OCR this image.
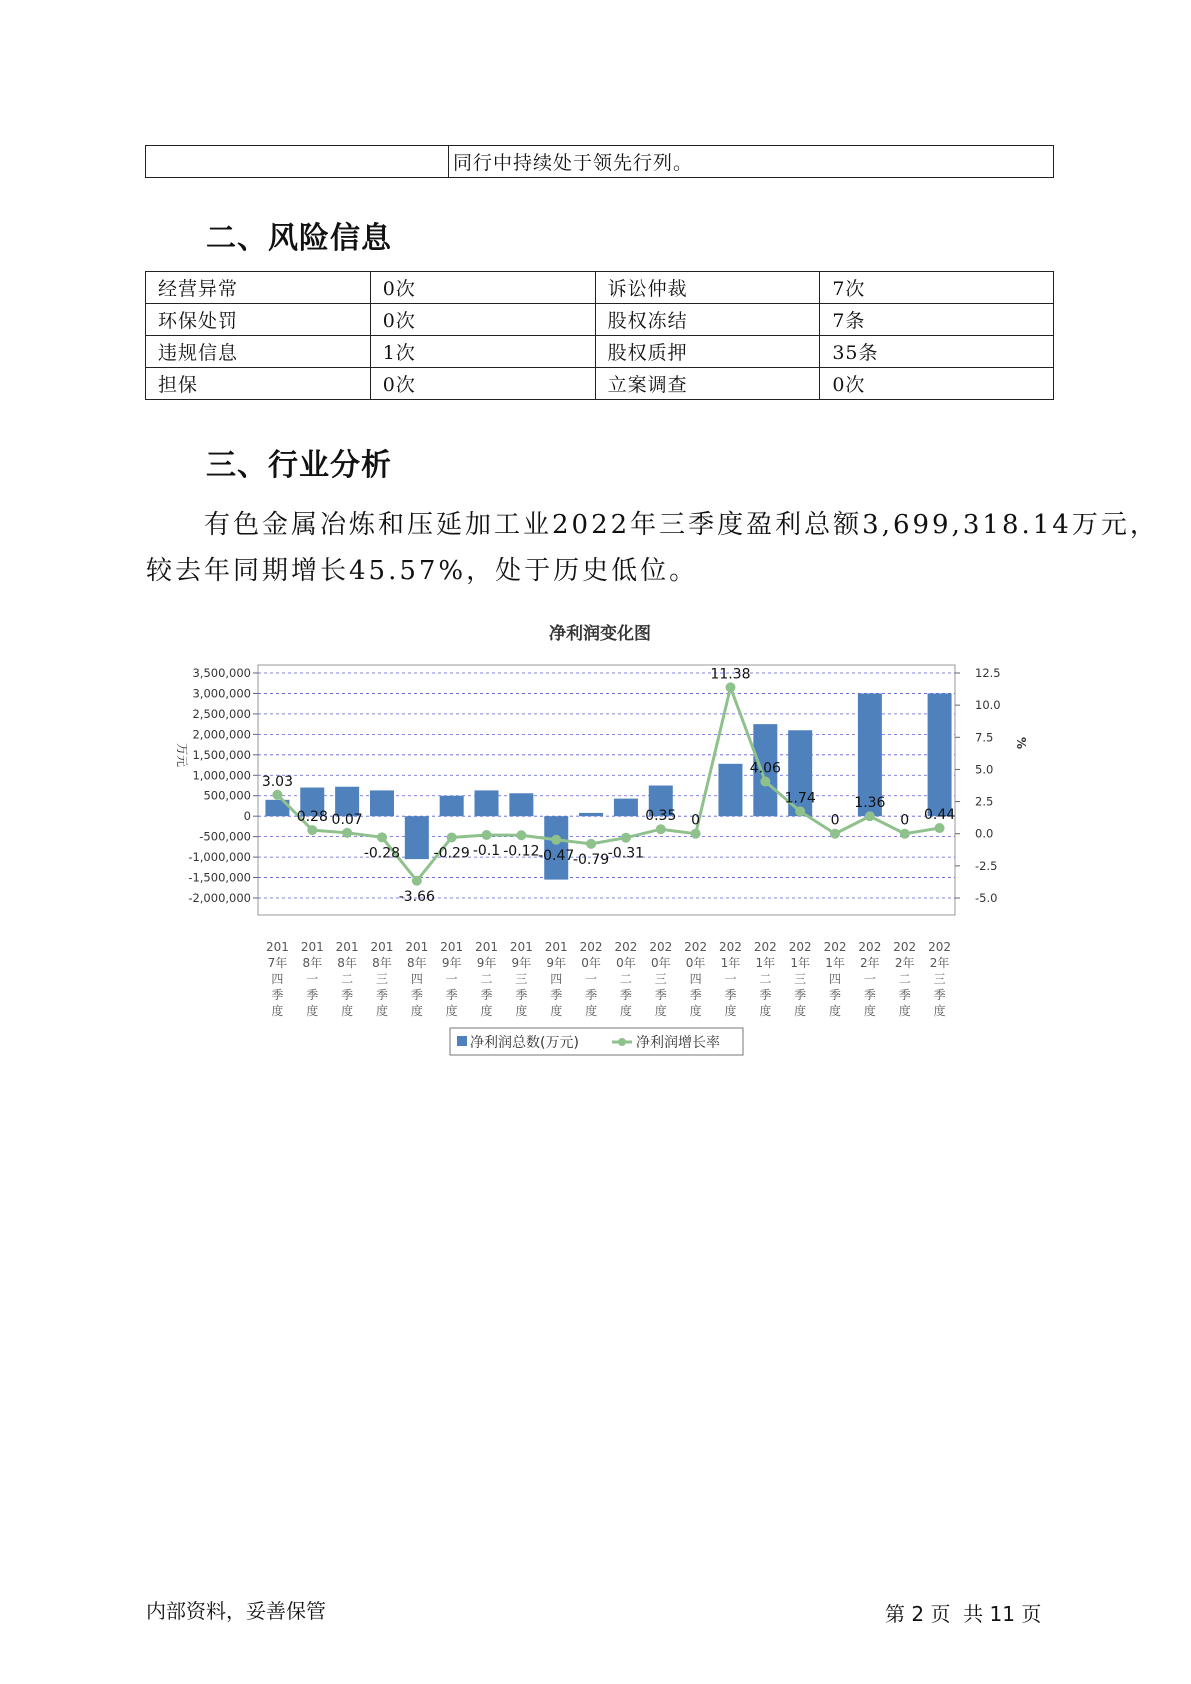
	同行中持续处于领先行列。
二、风险信息
经营异常	0次	诉讼仲裁	7次
环保处罚	0次	股权冻结	7条
违规信息	1次	股权质押	35条
担保	0次	立案调查	0次
三、行业分析
有色金属冶炼和压延加工业2022年三季度盈利总额3,699,318.14万元，
较去年同期增长45.57%，处于历史低位。
净利润变化图
3,500,000
3,000,000
2,500,000
2,000,000
1,500,000
1,000,000
500,000
0
-500,000
-1,000,000
-1,500,000
-2,000,000
万元
12.5
10.0
7.5
5.0
2.5
0.0
-2.5
-5.0
%
3.03
0.28 0.07
-0.28
-3.66
-0.29 -0.1 -0.12
-0.47
-0.79
-0.31
0.35 0
11.38
4.06
1.74
0
1.36
0 0.44
201
7年
四
季
度
201
8年
一
季
度
201
8年
二
季
度
201
8年
三
季
度
201
8年
四
季
度
201
9年
一
季
度
201
9年
二
季
度
201
9年
三
季
度
201
9年
四
季
度
202
0年
一
季
度
202
0年
二
季
度
202
0年
三
季
度
202
0年
四
季
度
202
1年
一
季
度
202
1年
二
季
度
202
1年
三
季
度
202
1年
四
季
度
202
2年
一
季
度
202
2年
二
季
度
202
2年
三
季
度
净利润总数(万元)	净利润增长率
内部资料，妥善保管	第 2 页  共 11 页
